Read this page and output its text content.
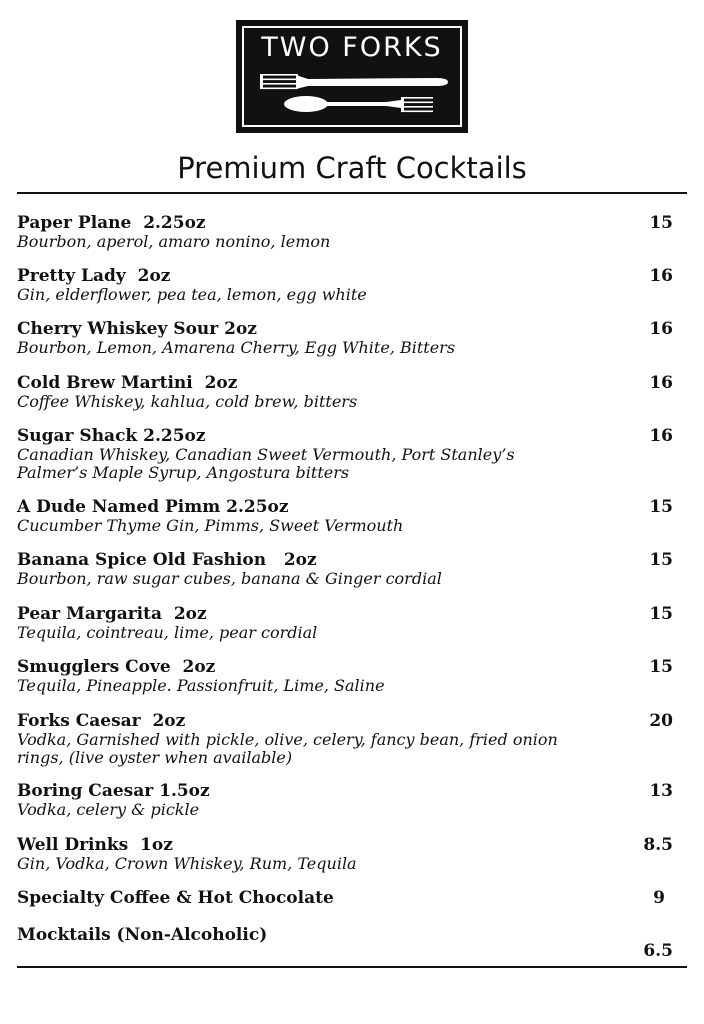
TWO FORKS
Premium Craft Cocktails
Paper Plane  2.25oz
Bourbon, aperol, amaro nonino, lemon
15
Pretty Lady  2oz
Gin, elderflower, pea tea, lemon, egg white
16
Cherry Whiskey Sour 2oz
Bourbon, Lemon, Amarena Cherry, Egg White, Bitters
16
Cold Brew Martini  2oz
Coffee Whiskey, kahlua, cold brew, bitters
16
Sugar Shack 2.25oz
Canadian Whiskey, Canadian Sweet Vermouth, Port Stanley’s
Palmer’s Maple Syrup, Angostura bitters
16
A Dude Named Pimm 2.25oz
Cucumber Thyme Gin, Pimms, Sweet Vermouth
15
Banana Spice Old Fashion   2oz
Bourbon, raw sugar cubes, banana & Ginger cordial
15
Pear Margarita  2oz
Tequila, cointreau, lime, pear cordial
15
Smugglers Cove  2oz
Tequila, Pineapple. Passionfruit, Lime, Saline
15
Forks Caesar  2oz
Vodka, Garnished with pickle, olive, celery, fancy bean, fried onion
rings, (live oyster when available)
20
Boring Caesar 1.5oz
Vodka, celery & pickle
13
Well Drinks  1oz
Gin, Vodka, Crown Whiskey, Rum, Tequila
8.5
Specialty Coffee & Hot Chocolate	9
Mocktails (Non-Alcoholic)
6.5
